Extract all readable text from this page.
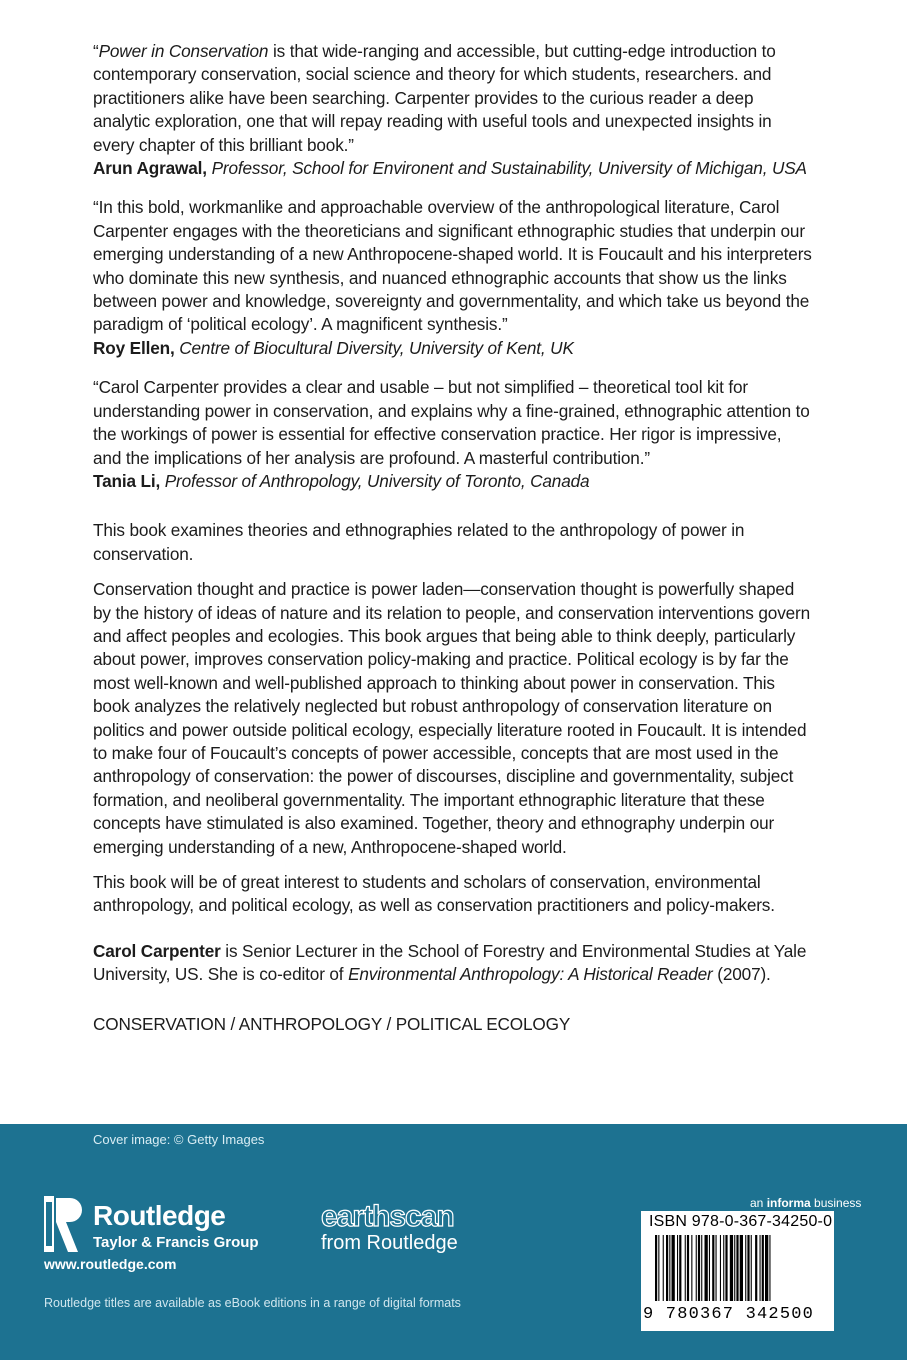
“Power in Conservation is that wide-ranging and accessible, but cutting-edge introduction to contemporary conservation, social science and theory for which students, researchers. and practitioners alike have been searching. Carpenter provides to the curious reader a deep analytic exploration, one that will repay reading with useful tools and unexpected insights in every chapter of this brilliant book.”

Arun Agrawal, Professor, School for Environent and Sustainability, University of Michigan, USA

“In this bold, workmanlike and approachable overview of the anthropological literature, Carol Carpenter engages with the theoreticians and significant ethnographic studies that underpin our emerging understanding of a new Anthropocene-shaped world. It is Foucault and his interpreters who dominate this new synthesis, and nuanced ethnographic accounts that show us the links between power and knowledge, sovereignty and governmentality, and which take us beyond the paradigm of ‘political ecology’. A magnificent synthesis.”

Roy Ellen, Centre of Biocultural Diversity, University of Kent, UK

“Carol Carpenter provides a clear and usable – but not simplified – theoretical tool kit for understanding power in conservation, and explains why a fine-grained, ethnographic attention to the workings of power is essential for effective conservation practice. Her rigor is impressive, and the implications of her analysis are profound. A masterful contribution.”

Tania Li, Professor of Anthropology, University of Toronto, Canada

This book examines theories and ethnographies related to the anthropology of power in conservation.

Conservation thought and practice is power laden—conservation thought is powerfully shaped by the history of ideas of nature and its relation to people, and conservation interventions govern and affect peoples and ecologies. This book argues that being able to think deeply, particularly about power, improves conservation policy-making and practice. Political ecology is by far the most well-known and well-published approach to thinking about power in conservation. This book analyzes the relatively neglected but robust anthropology of conservation literature on politics and power outside political ecology, especially literature rooted in Foucault. It is intended to make four of Foucault’s concepts of power accessible, concepts that are most used in the anthropology of conservation: the power of discourses, discipline and governmentality, subject formation, and neoliberal governmentality. The important ethnographic literature that these concepts have stimulated is also examined. Together, theory and ethnography underpin our emerging understanding of a new, Anthropocene-shaped world.

This book will be of great interest to students and scholars of conservation, environmental anthropology, and political ecology, as well as conservation practitioners and policy-makers.

Carol Carpenter is Senior Lecturer in the School of Forestry and Environmental Studies at Yale University, US. She is co-editor of Environmental Anthropology: A Historical Reader (2007).

CONSERVATION / ANTHROPOLOGY / POLITICAL ECOLOGY

Cover image: © Getty Images
Routledge
Taylor & Francis Group
www.routledge.com
earthscan
from Routledge
an informa business
Routledge titles are available as eBook editions in a range of digital formats
ISBN 978-0-367-34250-0
9 780367 342500
